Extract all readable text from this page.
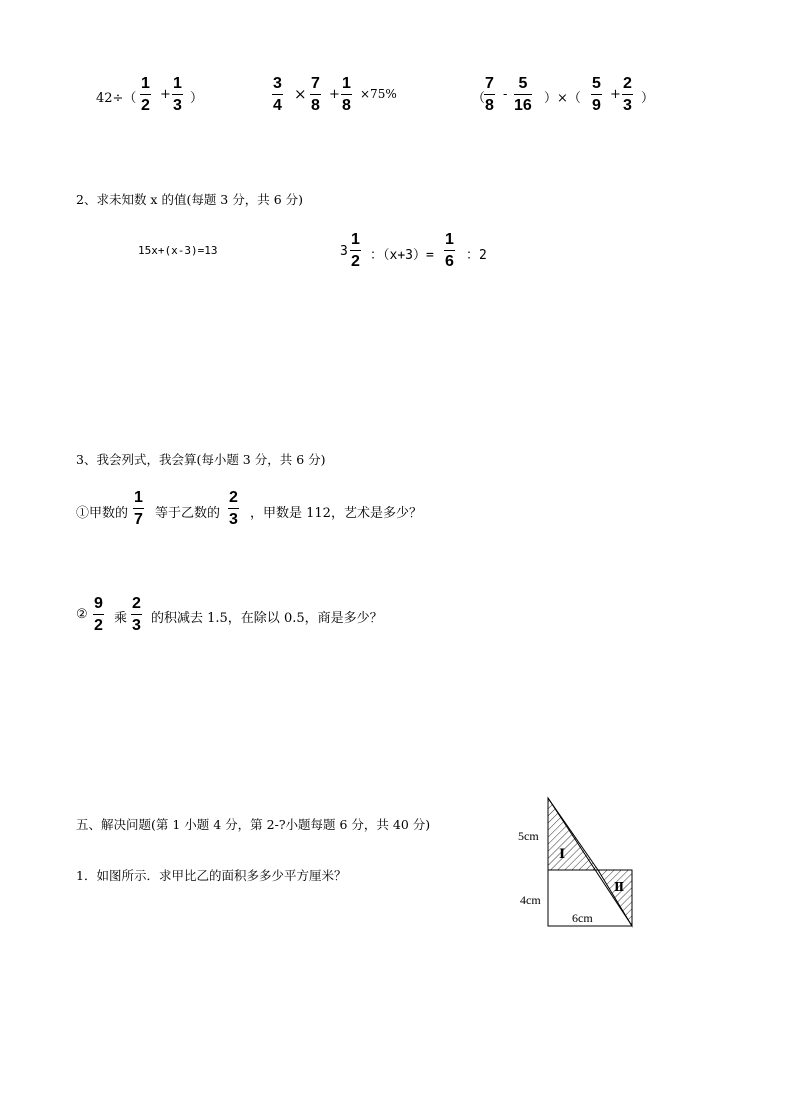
42÷（
1
2
+
1
3 ）
3
4
×
7
8
+
1
8
×75%	（
7
8
-
5
16 ）×（
5
9
+
2
3 ）
2、求未知数 x 的值(每题 3 分，共 6 分)
15x+(x-3)=13	3
1
2 ：（x+3）=
1
6 ：2
3、我会列式，我会算(每小题 3 分，共 6 分)
①甲数的
1
7 等于乙数的
2
3 ，甲数是 112，艺术是多少？
②
9
2 乘
2
3 的积减去 1.5，在除以 0.5，商是多少？
五、解决问题(第 1 小题 4 分，第 2-?小题每题 6 分，共 40 分)
1．如图所示．求甲比乙的面积多多少平方厘米？
5cm
4cm
6cm
Ⅰ
Ⅱ
